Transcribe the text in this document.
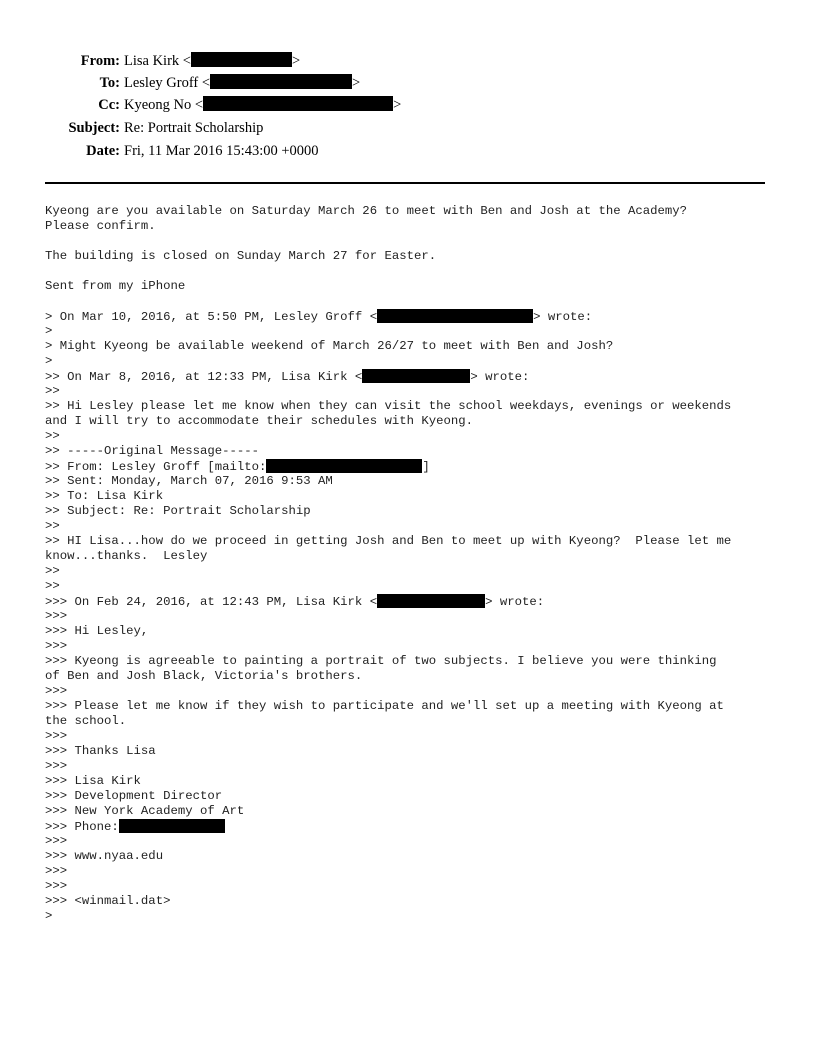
From: Lisa Kirk <	>
To: Lesley Groff <	>
Cc: Kyeong No <	>
Subject: Re: Portrait Scholarship
Date: Fri, 11 Mar 2016 15:43:00 +0000
Kyeong are you available on Saturday March 26 to meet with Ben and Josh at the Academy?
Please confirm.
The building is closed on Sunday March 27 for Easter.
Sent from my iPhone
> On Mar 10, 2016, at 5:50 PM, Lesley Groff <	> wrote:
>
> Might Kyeong be available weekend of March 26/27 to meet with Ben and Josh?
>
>> On Mar 8, 2016, at 12:33 PM, Lisa Kirk <	> wrote:
>>
>> Hi Lesley please let me know when they can visit the school weekdays, evenings or weekends
and I will try to accommodate their schedules with Kyeong.
>>
>> -----Original Message-----
>> From: Lesley Groff [mailto:	]
>> Sent: Monday, March 07, 2016 9:53 AM
>> To: Lisa Kirk
>> Subject: Re: Portrait Scholarship
>>
>> HI Lisa...how do we proceed in getting Josh and Ben to meet up with Kyeong?  Please let me
know...thanks.  Lesley
>>
>>
>>> On Feb 24, 2016, at 12:43 PM, Lisa Kirk <	> wrote:
>>>
>>> Hi Lesley,
>>>
>>> Kyeong is agreeable to painting a portrait of two subjects. I believe you were thinking
of Ben and Josh Black, Victoria's brothers.
>>>
>>> Please let me know if they wish to participate and we'll set up a meeting with Kyeong at
the school.
>>>
>>> Thanks Lisa
>>>
>>> Lisa Kirk
>>> Development Director
>>> New York Academy of Art
>>> Phone:
>>>
>>> www.nyaa.edu
>>>
>>>
>>> <winmail.dat>
>
